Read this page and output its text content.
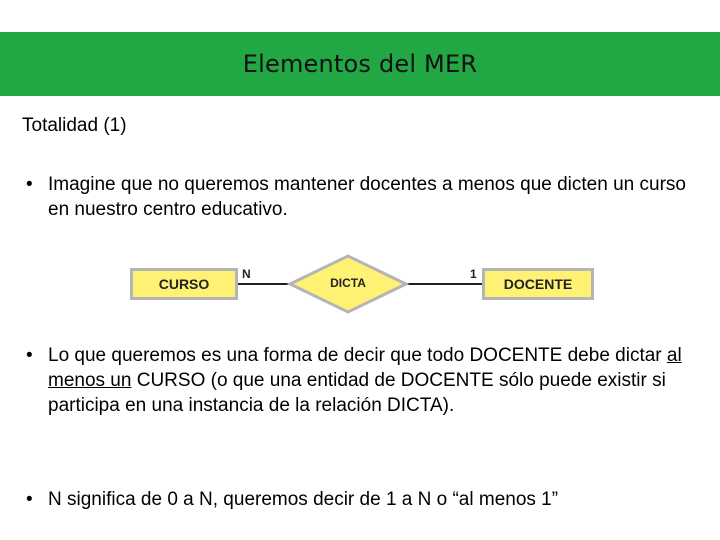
Elementos del MER
Totalidad (1)
• Imagine que no queremos mantener docentes a menos que dicten un curso en nuestro centro educativo.
CURSO	DOCENTE
DICTA
N	1
• Lo que queremos es una forma de decir que todo DOCENTE debe dictar al menos un CURSO (o que una entidad de DOCENTE sólo puede existir si participa en una instancia de la relación DICTA).
• N significa de 0 a N, queremos decir de 1 a N o “al menos 1”
